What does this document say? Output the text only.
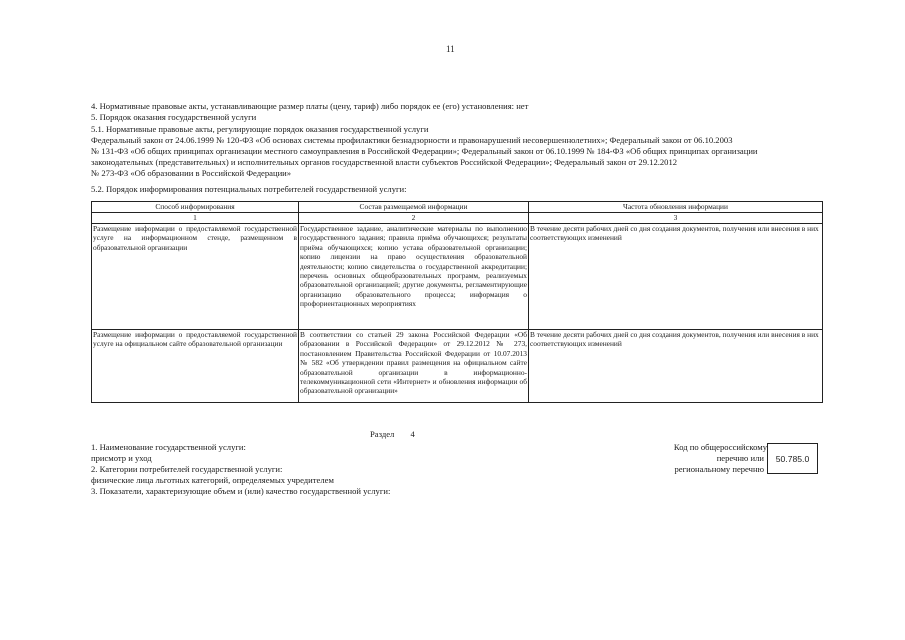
11
4. Нормативные правовые акты, устанавливающие размер платы (цену, тариф) либо порядок ее (его) установления: нет
5. Порядок оказания государственной услуги
5.1. Нормативные правовые акты, регулирующие порядок оказания государственной услуги
Федеральный закон от 24.06.1999 № 120-ФЗ «Об основах системы профилактики безнадзорности и правонарушений несовершеннолетних»; Федеральный закон от 06.10.2003
№ 131-ФЗ «Об общих принципах организации местного самоуправления в Российской Федерации»; Федеральный закон от 06.10.1999 № 184-ФЗ «Об общих принципах организации
законодательных (представительных) и исполнительных органов государственной власти субъектов Российской Федерации»; Федеральный закон от 29.12.2012
№ 273-ФЗ «Об образовании в Российской Федерации»
5.2. Порядок информирования потенциальных потребителей государственной услуги:
Способ информирования	Состав размещаемой информации	Частота обновления информации
1	2	3
Размещение информации о предоставляемой государственной услуге на информационном стенде, размещенном в образовательной организации	Государственное задание, аналитические материалы по выполнению государственного задания; правила приёма обучающихся; результаты приёма обучающихся; копию устава образовательной организации; копию лицензии на право осуществления образовательной деятельности; копию свидетельства о государственной аккредитации; перечень основных общеобразовательных программ, реализуемых образовательной организацией; другие документы, регламентирующие организацию образовательного процесса; информация о профориентационных мероприятиях	В течение десяти рабочих дней со дня создания документов, получения или внесения в них соответствующих изменений
Размещение информации о предоставляемой государственной услуге на официальном сайте образовательной организации	В соответствии со статьей 29 закона Российской Федерации «Об образовании в Российской Федерации» от 29.12.2012 № 273, постановлением Правительства Российской Федерации от 10.07.2013 № 582 «Об утверждении правил размещения на официальном сайте образовательной организации в информационно-телекоммуникационной сети «Интернет» и обновления информации об образовательной организации»	В течение десяти рабочих дней со дня создания документов, получения или внесения в них соответствующих изменений
Раздел 4
1. Наименование государственной услуги:
присмотр и уход
2. Категории потребителей государственной услуги:
физические лица льготных категорий, определяемых учредителем
3. Показатели, характеризующие объем и (или) качество государственной услуги:
Код по общероссийскому
перечню или
региональному перечню
50.785.0
